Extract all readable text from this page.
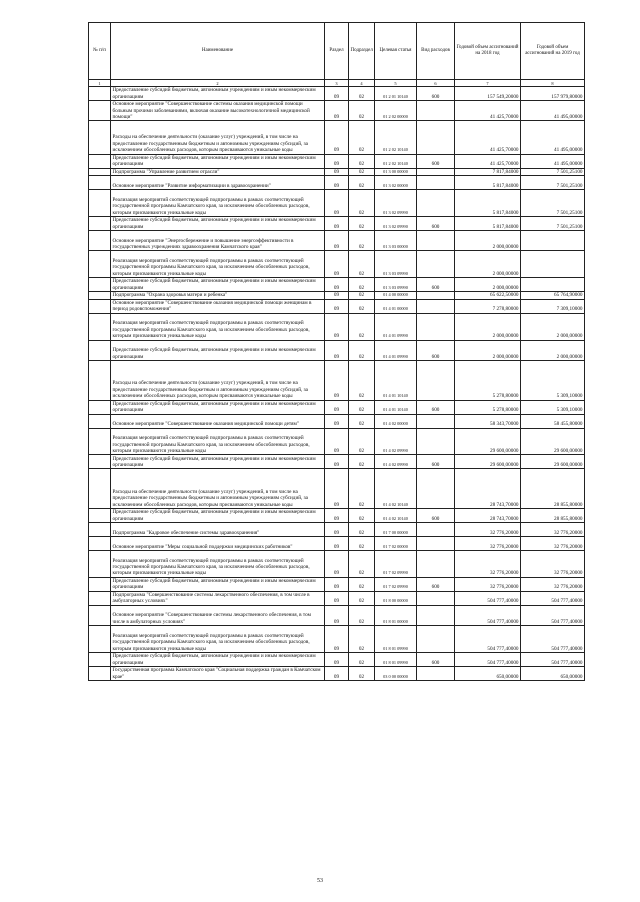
№ п/п	Наименование	Раздел	Подраздел	Целевая статья	Вид расходов	Годовой объем ассигнований на 2018 год	Годовой объем ассигнований на 2019 год
1	2	3	4	5	6	7	8
	Предоставление субсидий бюджетным, автономным учреждениям и иным некоммерческим организациям	09	02	01 2 01 10140	600	157 549,20000	157 979,80000
	Основное мероприятие "Совершенствование системы оказания медицинской помощи больным прочими заболеваниями, включая оказание высокотехнологичной медицинской помощи"	09	02	01 2 02 00000		41 425,70000	41 495,00000
	Расходы на обеспечение деятельности (оказание услуг) учреждений, в том числе на предоставление государственным бюджетным и автономным учреждениям субсидий, за исключением обособленных расходов, которым присваиваются уникальные коды	09	02	01 2 02 10140		41 425,70000	41 495,00000
	Предоставление субсидий бюджетным, автономным учреждениям и иным некоммерческим организациям	09	02	01 2 02 10140	600	41 425,70000	41 495,00000
	Подпрограмма "Управление развитием отрасли"	09	02	01 3 00 00000		7 817,84000	7 501,25100
	Основное мероприятие "Развитие информатизации в здравоохранении"	09	02	01 3 02 00000		5 817,84000	7 501,25100
	Реализация мероприятий соответствующей подпрограммы в рамках соответствующей государственной программы Камчатского края, за исключением обособленных расходов, которым присваиваются уникальные коды	09	02	01 3 02 09990		5 817,84000	7 501,25100
	Предоставление субсидий бюджетным, автономным учреждениям и иным некоммерческим организациям	09	02	01 3 02 09990	600	5 817,84000	7 501,25100
	Основное мероприятие "Энергосбережение и повышение энергоэффективности в государственных учреждениях здравоохранения Камчатского края"	09	02	01 3 03 00000		2 000,00000	
	Реализация мероприятий соответствующей подпрограммы в рамках соответствующей государственной программы Камчатского края, за исключением обособленных расходов, которым присваиваются уникальные коды	09	02	01 3 03 09990		2 000,00000	
	Предоставление субсидий бюджетным, автономным учреждениям и иным некоммерческим организациям	09	02	01 3 03 09990	600	2 000,00000	
	Подпрограмма "Охрана здоровья матери и ребенка"	09	02	01 4 00 00000		65 622,50000	65 764,90000
	Основное мероприятие "Совершенствование оказания медицинской помощи женщинам в период родовспоможения"	09	02	01 4 01 00000		7 278,80000	7 309,10000
	Реализация мероприятий соответствующей подпрограммы в рамках соответствующей государственной программы Камчатского края, за исключением обособленных расходов, которым присваиваются уникальные коды	09	02	01 4 01 09990		2 000,00000	2 000,00000
	Предоставление субсидий бюджетным, автономным учреждениям и иным некоммерческим организациям	09	02	01 4 01 09990	600	2 000,00000	2 000,00000
	Расходы на обеспечение деятельности (оказание услуг) учреждений, в том числе на предоставление государственным бюджетным и автономным учреждениям субсидий, за исключением обособленных расходов, которым присваиваются уникальные коды	09	02	01 4 01 10140		5 278,80000	5 309,10000
	Предоставление субсидий бюджетным, автономным учреждениям и иным некоммерческим организациям	09	02	01 4 01 10140	600	5 278,80000	5 309,10000
	Основное мероприятие "Совершенствование оказания медицинской помощи детям"	09	02	01 4 02 00000		58 343,70000	58 455,80000
	Реализация мероприятий соответствующей подпрограммы в рамках соответствующей государственной программы Камчатского края, за исключением обособленных расходов, которым присваиваются уникальные коды	09	02	01 4 02 09990		29 600,00000	29 600,00000
	Предоставление субсидий бюджетным, автономным учреждениям и иным некоммерческим организациям	09	02	01 4 02 09990	600	29 600,00000	29 600,00000
	Расходы на обеспечение деятельности (оказание услуг) учреждений, в том числе на предоставление государственным бюджетным и автономным учреждениям субсидий, за исключением обособленных расходов, которым присваиваются уникальные коды	09	02	01 4 02 10140		28 743,70000	28 855,80000
	Предоставление субсидий бюджетным, автономным учреждениям и иным некоммерческим организациям	09	02	01 4 02 10140	600	28 743,70000	28 855,80000
	Подпрограмма "Кадровое обеспечение системы здравоохранения"	09	02	01 7 00 00000		32 776,20000	32 776,20000
	Основное мероприятие "Меры социальной поддержки медицинских работников"	09	02	01 7 02 00000		32 776,20000	32 776,20000
	Реализация мероприятий соответствующей подпрограммы в рамках соответствующей государственной программы Камчатского края, за исключением обособленных расходов, которым присваиваются уникальные коды	09	02	01 7 02 09990		32 776,20000	32 776,20000
	Предоставление субсидий бюджетным, автономным учреждениям и иным некоммерческим организациям	09	02	01 7 02 09990	600	32 776,20000	32 776,20000
	Подпрограмма "Совершенствование системы лекарственного обеспечения, в том числе в амбулаторных условиях"	09	02	01 8 00 00000		504 777,40000	504 777,40000
	Основное мероприятие "Совершенствование системы лекарственного обеспечения, в том числе в амбулаторных условиях"	09	02	01 8 01 00000		504 777,40000	504 777,40000
	Реализация мероприятий соответствующей подпрограммы в рамках соответствующей государственной программы Камчатского края, за исключением обособленных расходов, которым присваиваются уникальные коды	09	02	01 8 01 09990		504 777,40000	504 777,40000
	Предоставление субсидий бюджетным, автономным учреждениям и иным некоммерческим организациям	09	02	01 8 01 09990	600	504 777,40000	504 777,40000
	Государственная программа Камчатского края "Социальная поддержка граждан в Камчатском крае"	09	02	03 0 00 00000		650,00000	650,00000
53
